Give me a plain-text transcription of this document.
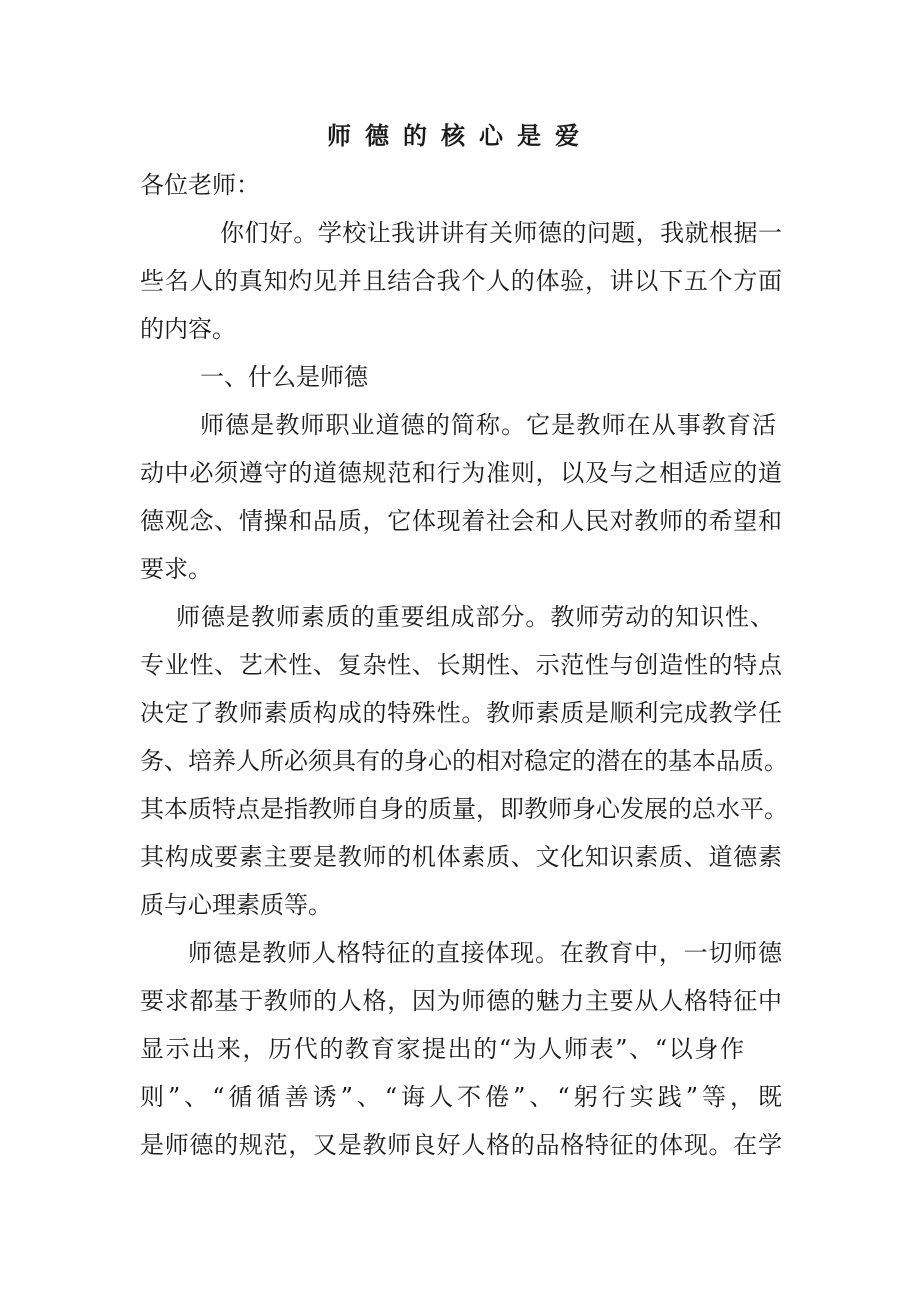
师德的核心是爱

各位老师：

你们好。学校让我讲讲有关师德的问题，我就根据一

些名人的真知灼见并且结合我个人的体验，讲以下五个方面

的内容。

一、什么是师德

师德是教师职业道德的简称。它是教师在从事教育活

动中必须遵守的道德规范和行为准则，以及与之相适应的道

德观念、情操和品质，它体现着社会和人民对教师的希望和

要求。

师德是教师素质的重要组成部分。教师劳动的知识性、

专业性、艺术性、复杂性、长期性、示范性与创造性的特点

决定了教师素质构成的特殊性。教师素质是顺利完成教学任

务、培养人所必须具有的身心的相对稳定的潜在的基本品质。

其本质特点是指教师自身的质量，即教师身心发展的总水平。

其构成要素主要是教师的机体素质、文化知识素质、道德素

质与心理素质等。

师德是教师人格特征的直接体现。在教育中，一切师德

要求都基于教师的人格，因为师德的魅力主要从人格特征中

显示出来，历代的教育家提出的“为人师表”、“以身作

则”、“循循善诱”、“诲人不倦”、“躬行实践”等，既

是师德的规范，又是教师良好人格的品格特征的体现。在学
